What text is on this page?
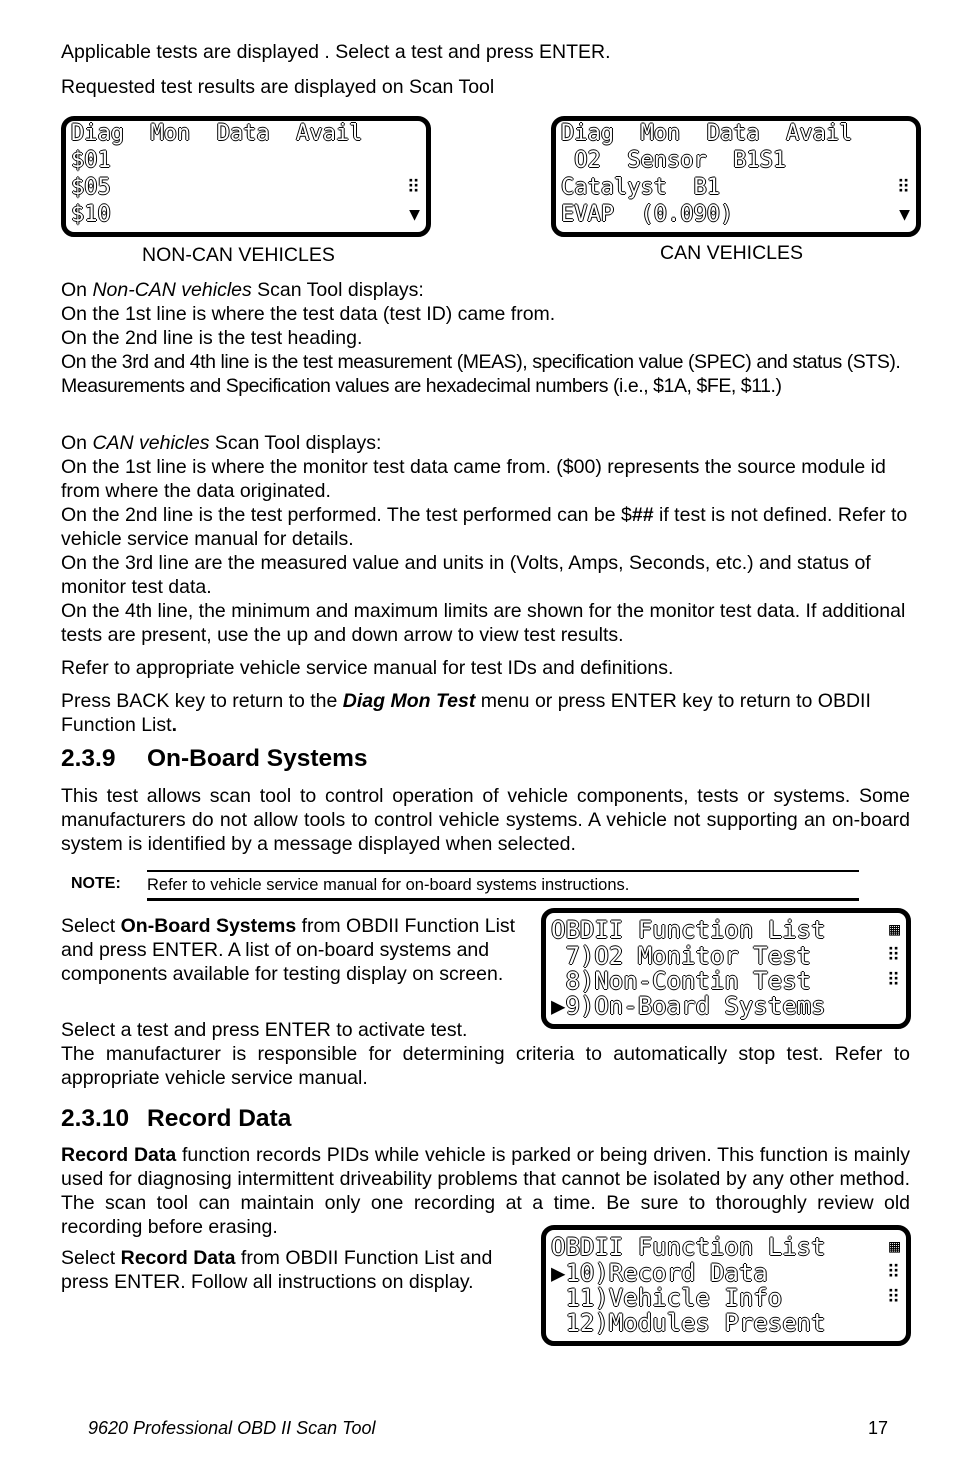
Applicable tests are displayed . Select a test and press ENTER.

Requested test results are displayed on Scan Tool

Diag  Mon  Data  Avail
$01
$05	⠿
$10	▼
NON-CAN VEHICLES
Diag  Mon  Data  Avail
O2  Sensor  B1S1
Catalyst  B1	⠿
EVAP  (0.090)	▼
CAN VEHICLES

On Non-CAN vehicles Scan Tool displays:

On the 1st line is where the test data (test ID) came from.

On the 2nd line is the test heading.

On the 3rd and 4th line is the test measurement (MEAS), specification value (SPEC) and status (STS). Measurements and Specification values are hexadecimal numbers (i.e., $1A, $FE, $11.)

On CAN vehicles Scan Tool displays:

On the 1st line is where the monitor test data came from. ($00) represents the source module id from where the data originated.

On the 2nd line is the test performed. The test performed can be $## if test is not defined. Refer to vehicle service manual for details.

On the 3rd line are the measured value and units in (Volts, Amps, Seconds, etc.) and status of monitor test data.

On the 4th line, the minimum and maximum limits are shown for the monitor test data. If additional tests are present, use the up and down arrow to view test results.

Refer to appropriate vehicle service manual for test IDs and definitions.

Press BACK key to return to the Diag Mon Test menu or press ENTER key to return to OBDII Function List.

2.3.9 On-Board Systems

This test allows scan tool to control operation of vehicle components, tests or systems. Some manufacturers do not allow tools to control vehicle systems. A vehicle not supporting an on-board system is identified by a message displayed when selected.

NOTE: Refer to vehicle service manual for on-board systems instructions.

Select On-Board Systems from OBDII Function List and press ENTER. A list of on-board systems and components available for testing display on screen.

OBDII Function List	▦
7)O2 Monitor Test	⠿
8)Non-Contin Test	⠿
▶9)On-Board Systems

Select a test and press ENTER to activate test.

The manufacturer is responsible for determining criteria to automatically stop test. Refer to appropriate vehicle service manual.

2.3.10 Record Data

Record Data function records PIDs while vehicle is parked or being driven. This function is mainly used for diagnosing intermittent driveability problems that cannot be isolated by any other method. The scan tool can maintain only one recording at a time. Be sure to thoroughly review old recording before erasing.

Select Record Data from OBDII Function List and press ENTER. Follow all instructions on display.

OBDII Function List	▦
▶10)Record Data	⠿
11)Vehicle Info	⠿
12)Modules Present
9620 Professional OBD II Scan Tool	17
